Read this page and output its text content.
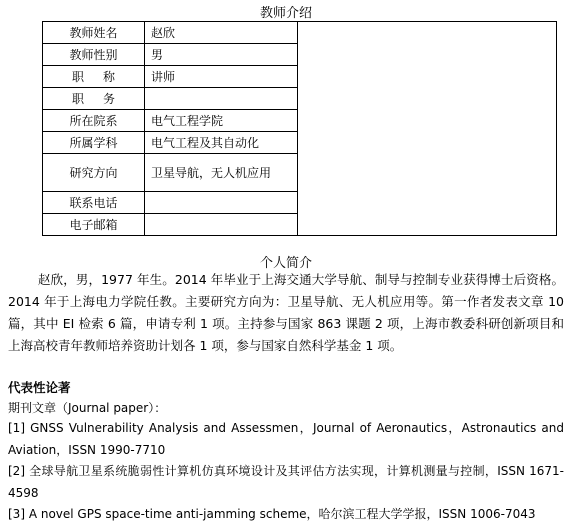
教师介绍
教师姓名	赵欣	
教师性别	男	
职     称	讲师	
职     务		
所在院系	电气工程学院	
所属学科	电气工程及其自动化	
研究方向	卫星导航，无人机应用	
联系电话		
电子邮箱		
个人简介

赵欣，男，1977 年生。2014 年毕业于上海交通大学导航、制导与控制专业获得博士后资格。2014 年于上海电力学院任教。主要研究方向为：卫星导航、无人机应用等。第一作者发表文章 10 篇，其中 EI 检索 6 篇，申请专利 1 项。主持参与国家 863 课题 2 项，上海市教委科研创新项目和上海高校青年教师培养资助计划各 1 项，参与国家自然科学基金 1 项。

代表性论著
期刊文章（Journal paper）：

[1] GNSS Vulnerability Analysis and Assessmen，Journal of Aeronautics，Astronautics and Aviation，ISSN 1990-7710

[2] 全球导航卫星系统脆弱性计算机仿真环境设计及其评估方法实现，计算机测量与控制，ISSN 1671-4598

[3] A novel GPS space-time anti-jamming scheme，哈尔滨工程大学学报，ISSN 1006-7043
